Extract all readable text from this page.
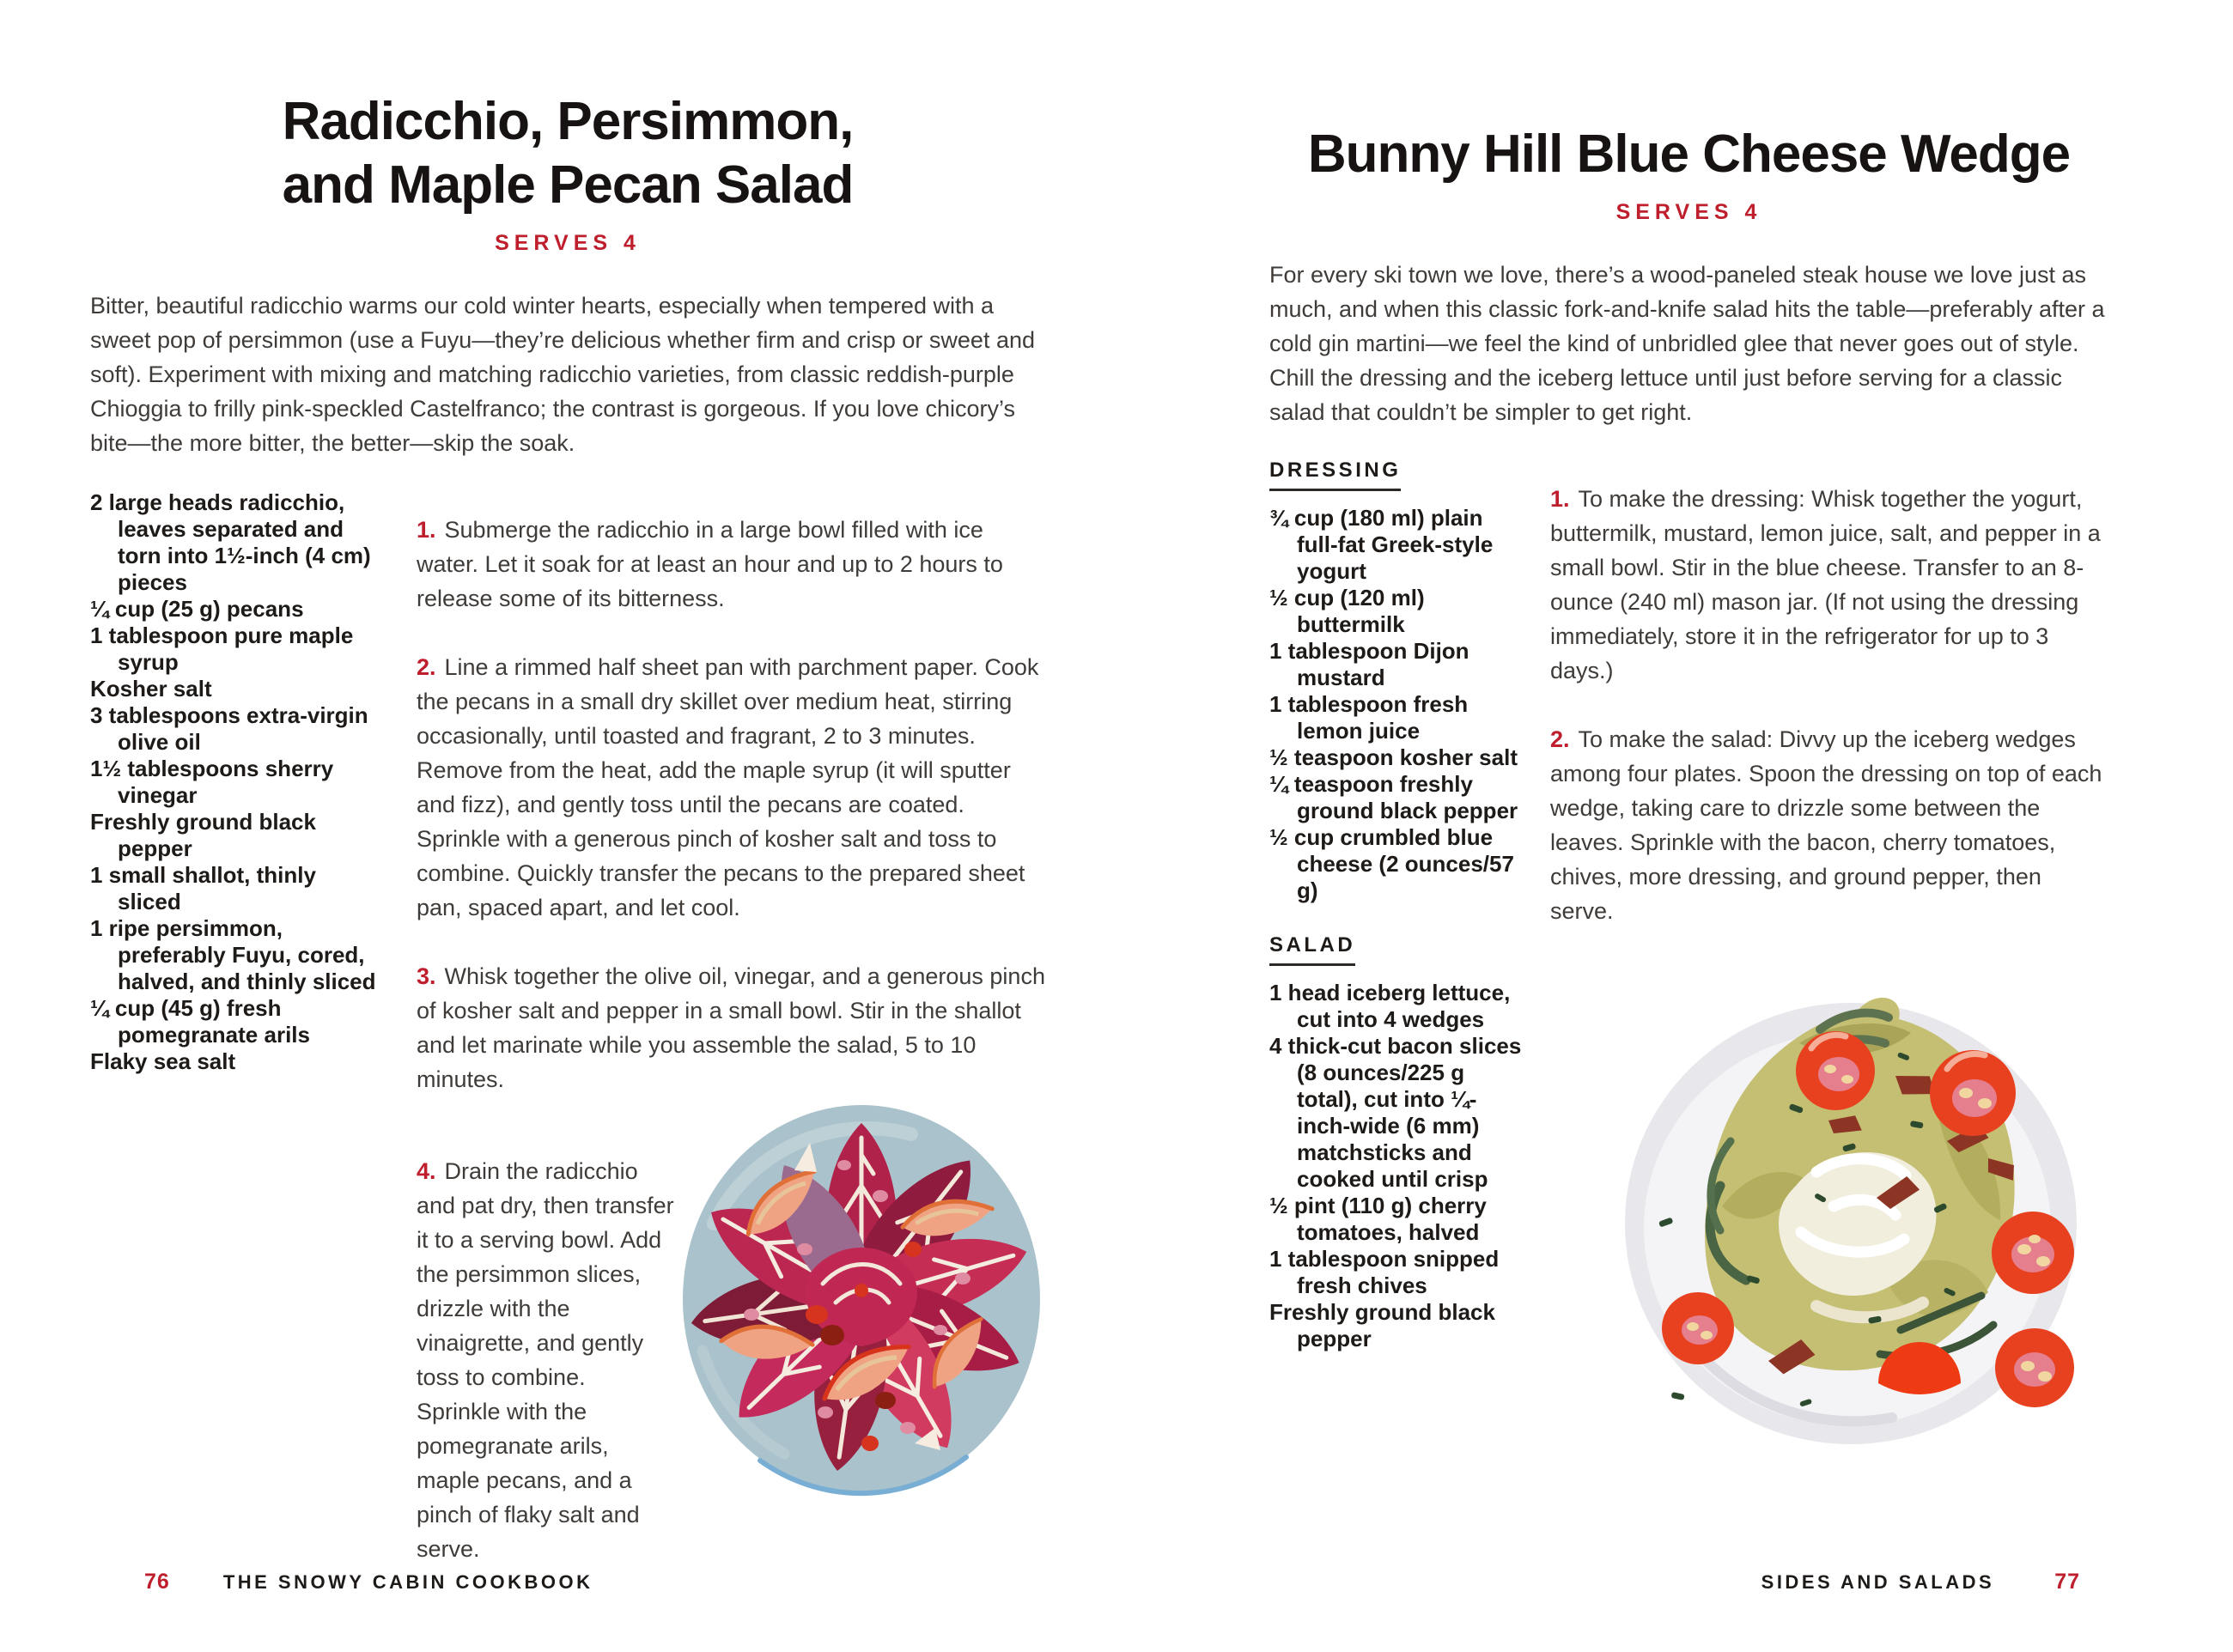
Radicchio, Persimmon,
and Maple Pecan Salad
SERVES 4

Bitter, beautiful radicchio warms our cold winter hearts, especially when tempered with a sweet pop of persimmon (use a Fuyu—they’re delicious whether firm and crisp or sweet and soft). Experiment with mixing and matching radicchio varieties, from classic reddish-purple Chioggia to frilly pink-speckled Castelfranco; the contrast is gorgeous. If you love chicory’s bite—the more bitter, the better—skip the soak.

2 large heads radicchio, leaves separated and torn into 1½-inch (4 cm) pieces
¼ cup (25 g) pecans
1 tablespoon pure maple syrup
Kosher salt
3 tablespoons extra-virgin olive oil
1½ tablespoons sherry vinegar
Freshly ground black pepper
1 small shallot, thinly sliced
1 ripe persimmon, preferably Fuyu, cored, halved, and thinly sliced
¼ cup (45 g) fresh pomegranate arils
Flaky sea salt

1. Submerge the radicchio in a large bowl filled with ice water. Let it soak for at least an hour and up to 2 hours to release some of its bitterness.

2. Line a rimmed half sheet pan with parchment paper. Cook the pecans in a small dry skillet over medium heat, stirring occasionally, until toasted and fragrant, 2 to 3 minutes. Remove from the heat, add the maple syrup (it will sputter and fizz), and gently toss until the pecans are coated. Sprinkle with a generous pinch of kosher salt and toss to combine. Quickly transfer the pecans to the prepared sheet pan, spaced apart, and let cool.

3. Whisk together the olive oil, vinegar, and a generous pinch of kosher salt and pepper in a small bowl. Stir in the shallot and let marinate while you assemble the salad, 5 to 10 minutes.

4. Drain the radicchio and pat dry, then transfer it to a serving bowl. Add the persimmon slices, drizzle with the vinaigrette, and gently toss to combine. Sprinkle with the pomegranate arils, maple pecans, and a pinch of flaky salt and serve.

Bunny Hill Blue Cheese Wedge
SERVES 4

For every ski town we love, there’s a wood-paneled steak house we love just as much, and when this classic fork-and-knife salad hits the table—preferably after a cold gin martini—we feel the kind of unbridled glee that never goes out of style. Chill the dressing and the iceberg lettuce until just before serving for a classic salad that couldn’t be simpler to get right.

DRESSING
¾ cup (180 ml) plain full-fat Greek-style yogurt
½ cup (120 ml) buttermilk
1 tablespoon Dijon mustard
1 tablespoon fresh lemon juice
½ teaspoon kosher salt
¼ teaspoon freshly ground black pepper
½ cup crumbled blue cheese (2 ounces/57 g)
SALAD
1 head iceberg lettuce, cut into 4 wedges
4 thick-cut bacon slices (8 ounces/225 g total), cut into ¼-inch-wide (6 mm) matchsticks and cooked until crisp
½ pint (110 g) cherry tomatoes, halved
1 tablespoon snipped fresh chives
Freshly ground black pepper

1. To make the dressing: Whisk together the yogurt, buttermilk, mustard, lemon juice, salt, and pepper in a small bowl. Stir in the blue cheese. Transfer to an 8-ounce (240 ml) mason jar. (If not using the dressing immediately, store it in the refrigerator for up to 3 days.)

2. To make the salad: Divvy up the iceberg wedges among four plates. Spoon the dressing on top of each wedge, taking care to drizzle some between the leaves. Sprinkle with the bacon, cherry tomatoes, chives, more dressing, and ground pepper, then serve.

76	THE SNOWY CABIN COOKBOOK	SIDES AND SALADS	77
